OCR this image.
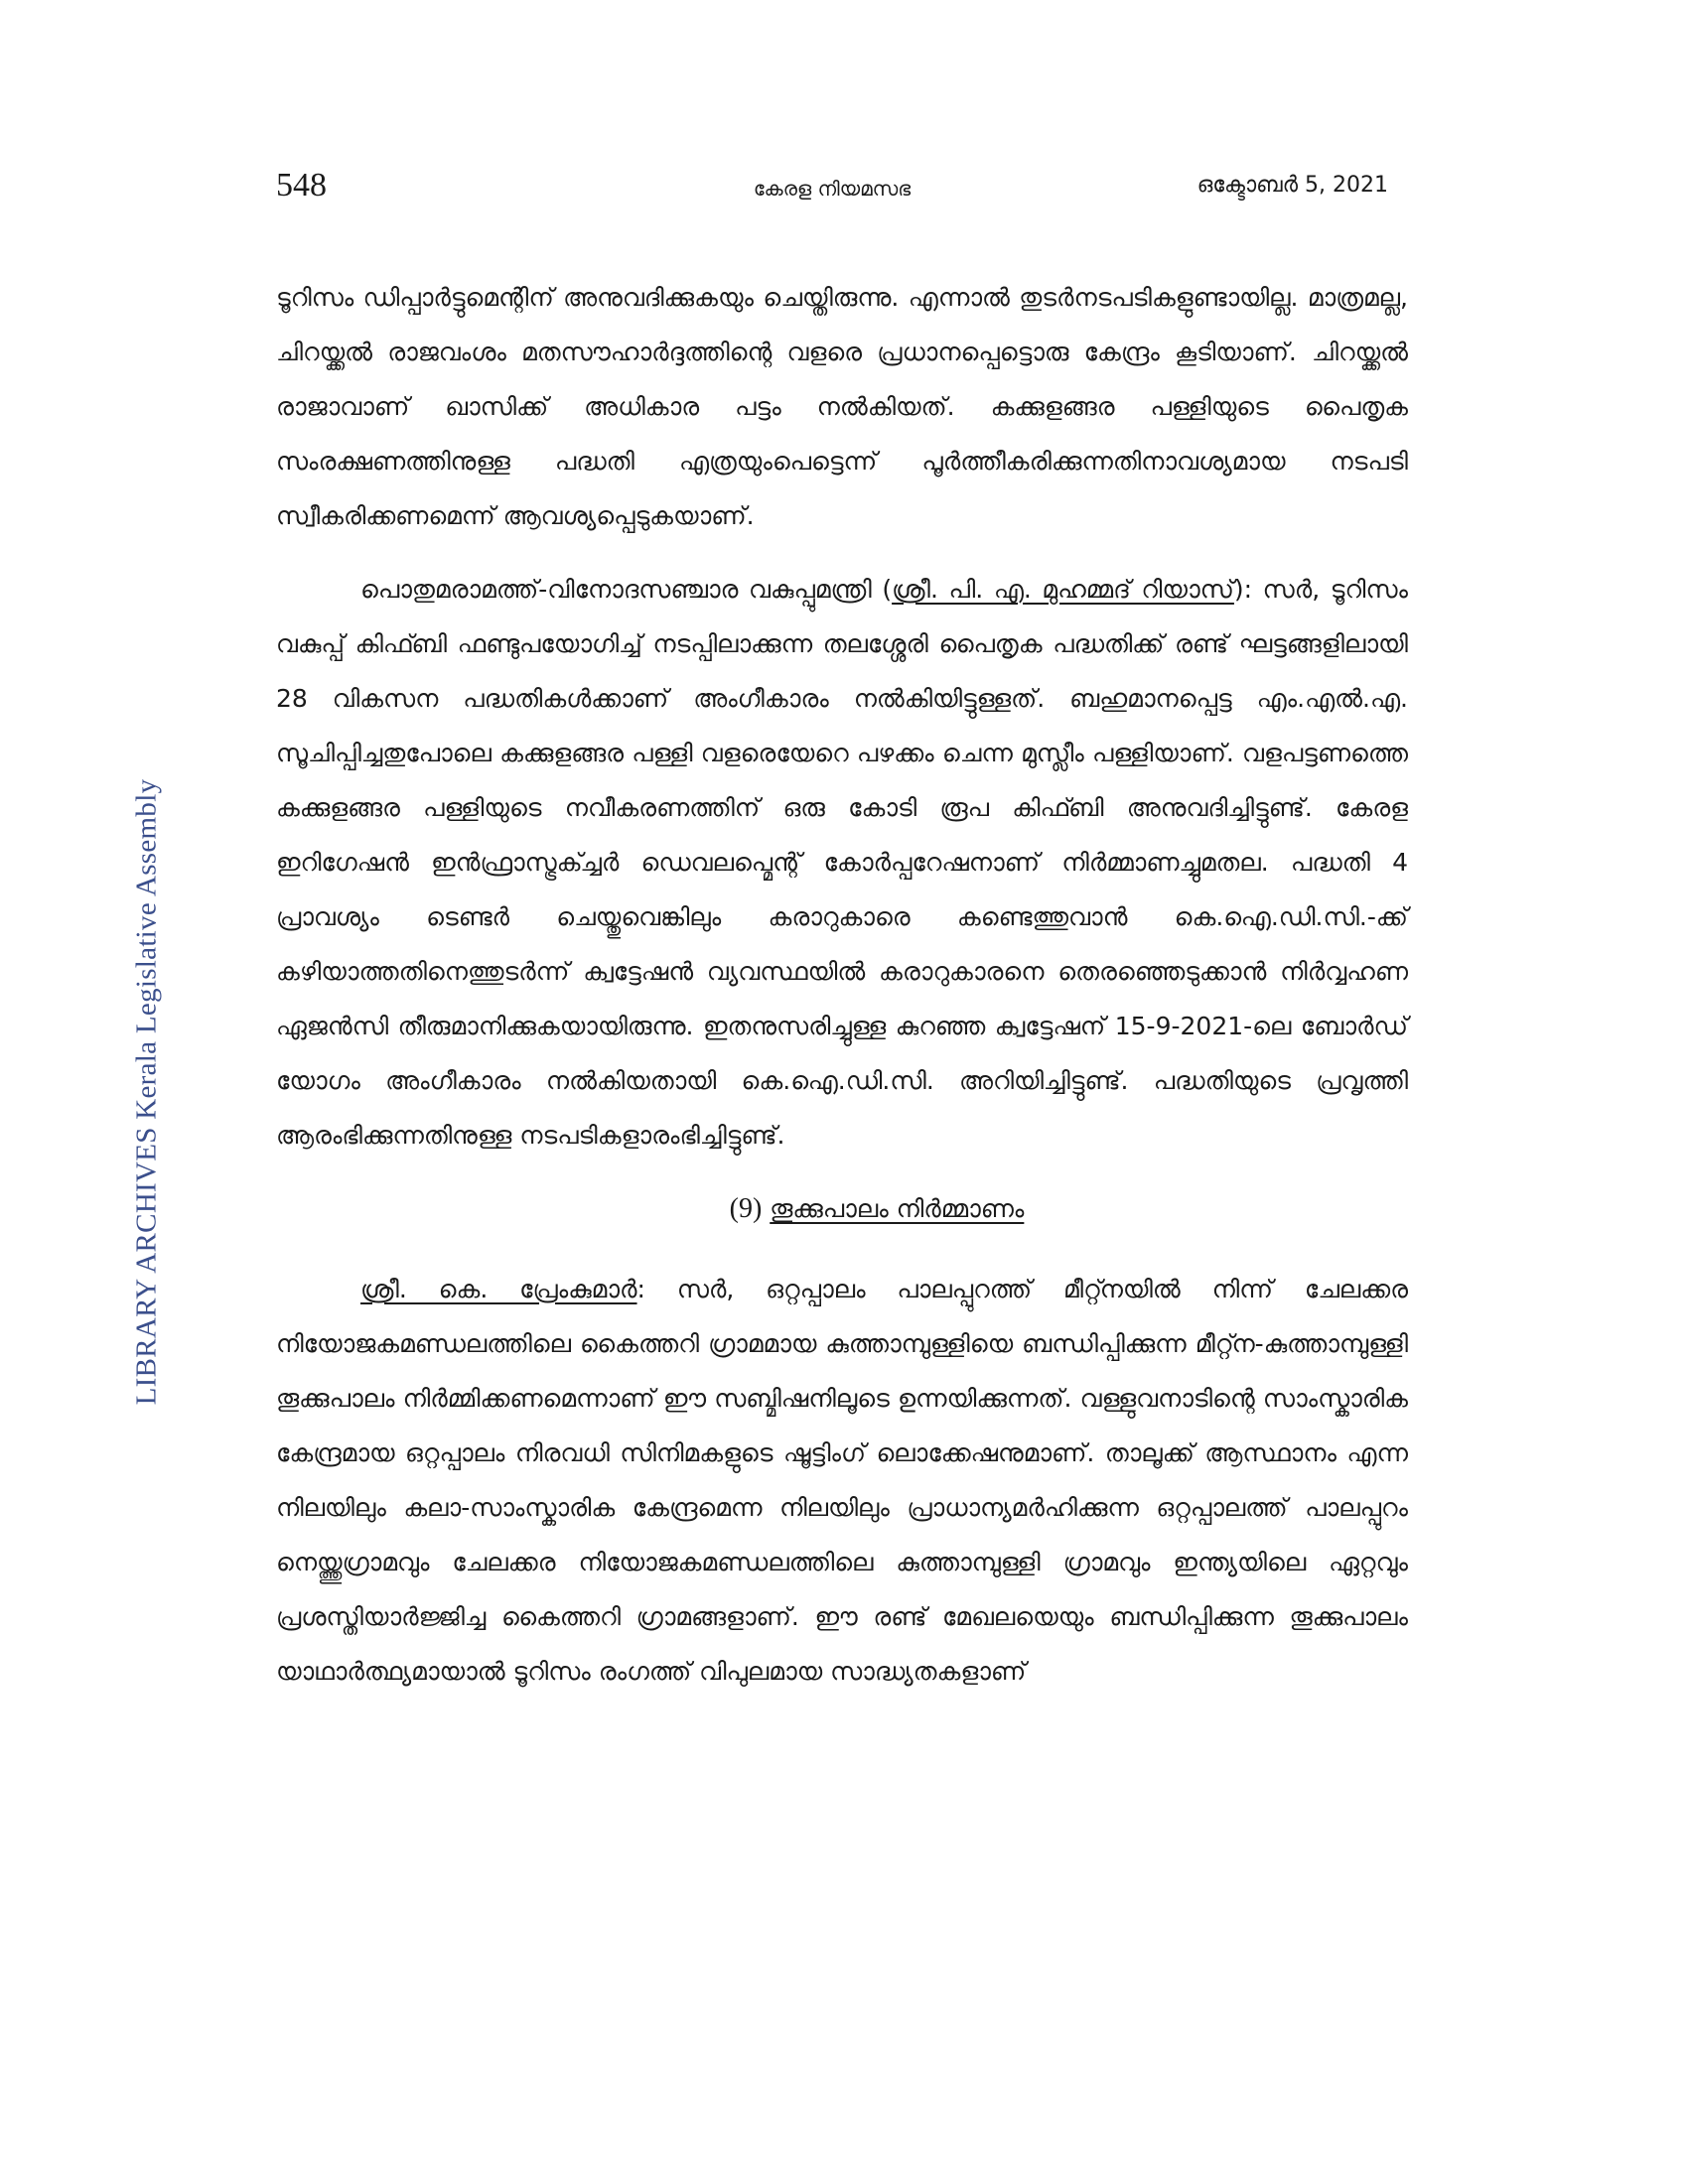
548	കേരള നിയമസഭ	ഒക്ടോബർ 5, 2021
LIBRARY ARCHIVES Kerala Legislative Assembly

ടൂറിസം ഡിപ്പാർട്ടുമെന്റിന് അനുവദിക്കുകയും ചെയ്തിരുന്നു. എന്നാൽ തുടർനടപടികളുണ്ടായില്ല. മാത്രമല്ല, ചിറയ്ക്കൽ രാജവംശം മതസൗഹാർദ്ദത്തിന്റെ വളരെ പ്രധാനപ്പെട്ടൊരു കേന്ദ്രം കൂടിയാണ്. ചിറയ്ക്കൽ രാജാവാണ് ഖാസിക്ക് അധികാര പട്ടം നൽകിയത്. കക്കുളങ്ങര പള്ളിയുടെ പൈതൃക സംരക്ഷണത്തിനുള്ള പദ്ധതി എത്രയുംപെട്ടെന്ന് പൂർത്തീകരിക്കുന്നതിനാവശ്യമായ നടപടി സ്വീകരിക്കണമെന്ന് ആവശ്യപ്പെടുകയാണ്.

പൊതുമരാമത്ത്-വിനോദസഞ്ചാര വകുപ്പുമന്ത്രി (ശ്രീ. പി. എ. മുഹമ്മദ് റിയാസ്): സർ, ടൂറിസം വകുപ്പ് കിഫ്ബി ഫണ്ടുപയോഗിച്ച് നടപ്പിലാക്കുന്ന തലശ്ശേരി പൈതൃക പദ്ധതിക്ക് രണ്ട് ഘട്ടങ്ങളിലായി 28 വികസന പദ്ധതികൾക്കാണ് അംഗീകാരം നൽകിയിട്ടുള്ളത്. ബഹുമാനപ്പെട്ട എം.എൽ.എ. സൂചിപ്പിച്ചതുപോലെ കക്കുളങ്ങര പള്ളി വളരെയേറെ പഴക്കം ചെന്ന മുസ്ലീം പള്ളിയാണ്. വളപട്ടണത്തെ കക്കുളങ്ങര പള്ളിയുടെ നവീകരണത്തിന് ഒരു കോടി രൂപ കിഫ്ബി അനുവദിച്ചിട്ടുണ്ട്. കേരള ഇറിഗേഷൻ ഇൻഫ്രാസ്ട്രക്ച്ചർ ഡെവലപ്മെന്റ് കോർപ്പറേഷനാണ് നിർമ്മാണച്ചുമതല. പദ്ധതി 4 പ്രാവശ്യം ടെണ്ടർ ചെയ്തുവെങ്കിലും കരാറുകാരെ കണ്ടെത്തുവാൻ കെ.ഐ.ഡി.സി.-ക്ക് കഴിയാത്തതിനെത്തുടർന്ന് ക്വട്ടേഷൻ വ്യവസ്ഥയിൽ കരാറുകാരനെ തെരഞ്ഞെടുക്കാൻ നിർവ്വഹണ ഏജൻസി തീരുമാനിക്കുകയായിരുന്നു. ഇതനുസരിച്ചുള്ള കുറഞ്ഞ ക്വട്ടേഷന് 15-9-2021-ലെ ബോർഡ് യോഗം അംഗീകാരം നൽകിയതായി കെ.ഐ.ഡി.സി. അറിയിച്ചിട്ടുണ്ട്. പദ്ധതിയുടെ പ്രവൃത്തി ആരംഭിക്കുന്നതിനുള്ള നടപടികളാരംഭിച്ചിട്ടുണ്ട്.

(9) തൂക്കുപാലം നിർമ്മാണം

ശ്രീ. കെ. പ്രേംകുമാർ: സർ, ഒറ്റപ്പാലം പാലപ്പുറത്ത് മീറ്റ്നയിൽ നിന്ന് ചേലക്കര നിയോജകമണ്ഡലത്തിലെ കൈത്തറി ഗ്രാമമായ കുത്താമ്പുള്ളിയെ ബന്ധിപ്പിക്കുന്ന മീറ്റ്ന-കുത്താമ്പുള്ളി തൂക്കുപാലം നിർമ്മിക്കണമെന്നാണ് ഈ സബ്മിഷനിലൂടെ ഉന്നയിക്കുന്നത്. വള്ളുവനാടിന്റെ സാംസ്കാരിക കേന്ദ്രമായ ഒറ്റപ്പാലം നിരവധി സിനിമകളുടെ ഷൂട്ടിംഗ് ലൊക്കേഷനുമാണ്. താലൂക്ക് ആസ്ഥാനം എന്ന നിലയിലും കലാ-സാംസ്കാരിക കേന്ദ്രമെന്ന നിലയിലും പ്രാധാന്യമർഹിക്കുന്ന ഒറ്റപ്പാലത്ത് പാലപ്പുറം നെയ്ത്തുഗ്രാമവും ചേലക്കര നിയോജകമണ്ഡലത്തിലെ കുത്താമ്പുള്ളി ഗ്രാമവും ഇന്ത്യയിലെ ഏറ്റവും പ്രശസ്തിയാർജ്ജിച്ച കൈത്തറി ഗ്രാമങ്ങളാണ്. ഈ രണ്ട് മേഖലയെയും ബന്ധിപ്പിക്കുന്ന തൂക്കുപാലം യാഥാർത്ഥ്യമായാൽ ടൂറിസം രംഗത്ത് വിപുലമായ സാദ്ധ്യതകളാണ്
